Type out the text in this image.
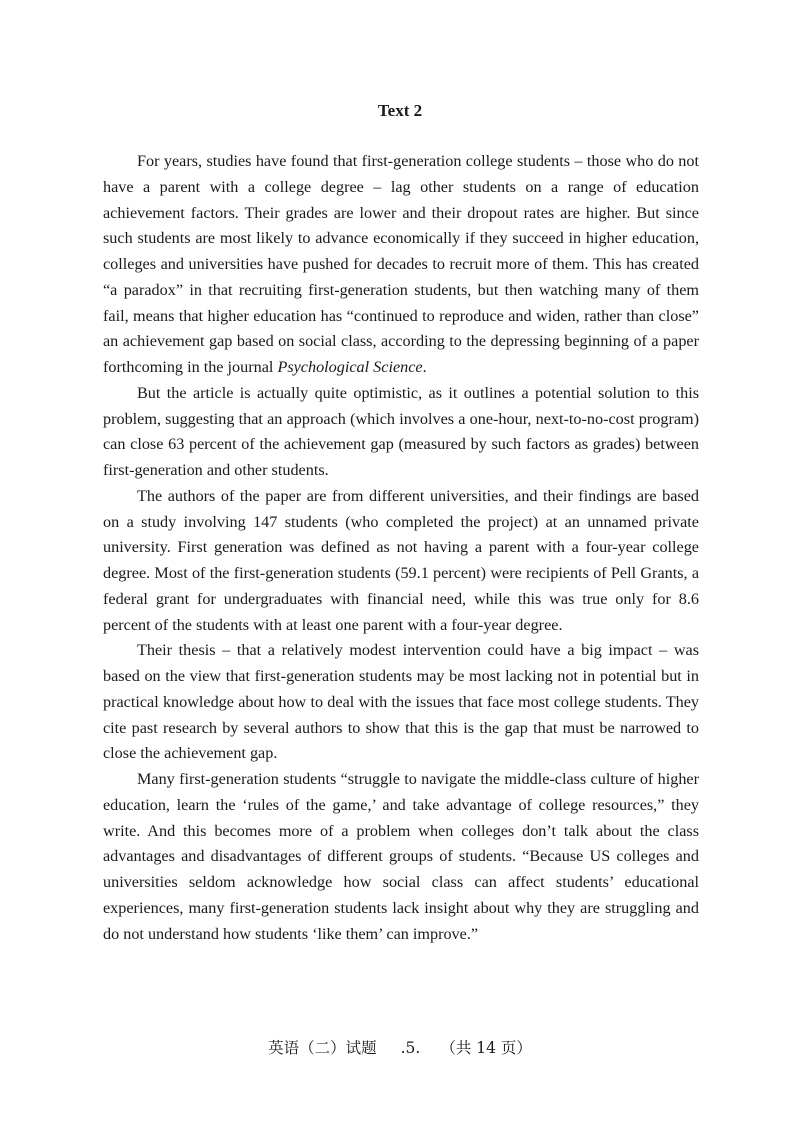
Text 2

For years, studies have found that first-generation college students – those who do not have a parent with a college degree – lag other students on a range of education achievement factors. Their grades are lower and their dropout rates are higher. But since such students are most likely to advance economically if they succeed in higher education, colleges and universities have pushed for decades to recruit more of them. This has created “a paradox” in that recruiting first-generation students, but then watching many of them fail, means that higher education has “continued to reproduce and widen, rather than close” an achievement gap based on social class, according to the depressing beginning of a paper forthcoming in the journal Psychological Science.

But the article is actually quite optimistic, as it outlines a potential solution to this problem, suggesting that an approach (which involves a one-hour, next-to-no-cost program) can close 63 percent of the achievement gap (measured by such factors as grades) between first-generation and other students.

The authors of the paper are from different universities, and their findings are based on a study involving 147 students (who completed the project) at an unnamed private university. First generation was defined as not having a parent with a four-year college degree. Most of the first-generation students (59.1 percent) were recipients of Pell Grants, a federal grant for undergraduates with financial need, while this was true only for 8.6 percent of the students with at least one parent with a four-year degree.

Their thesis – that a relatively modest intervention could have a big impact – was based on the view that first-generation students may be most lacking not in potential but in practical knowledge about how to deal with the issues that face most college students. They cite past research by several authors to show that this is the gap that must be narrowed to close the achievement gap.

Many first-generation students “struggle to navigate the middle-class culture of higher education, learn the ‘rules of the game,’ and take advantage of college resources,” they write. And this becomes more of a problem when colleges don’t talk about the class advantages and disadvantages of different groups of students. “Because US colleges and universities seldom acknowledge how social class can affect students’ educational experiences, many first-generation students lack insight about why they are struggling and do not understand how students ‘like them’ can improve.”

英语（二）试题 .5. （共 14 页）
